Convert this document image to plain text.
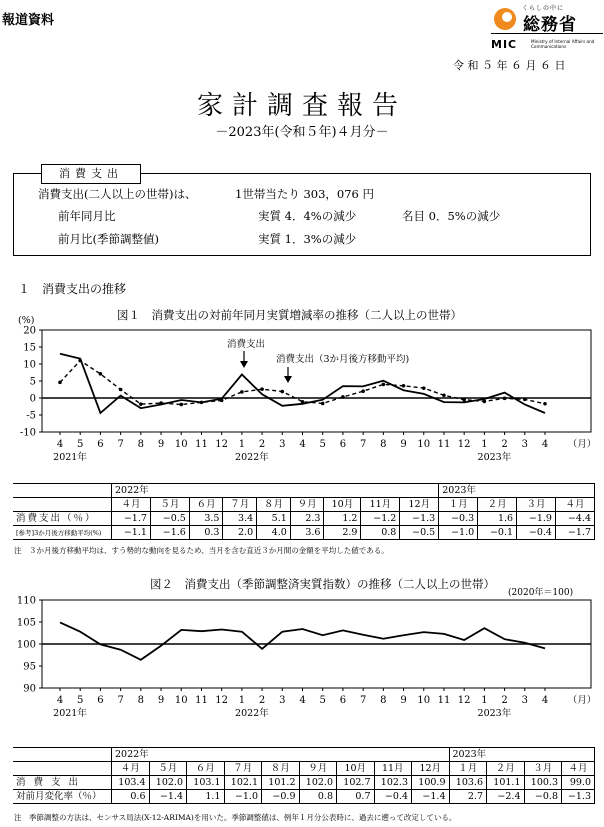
報道資料
くらしの中に
総務省
MIC	Ministry of Internal Affairs and Communications
令和５年６月６日
家計調査報告
－2023年(令和５年)４月分－
消費支出
消費支出(二人以上の世帯)は、	1世帯当たり 303，076 円
前年同月比	実質 4．4%の減少	名目 0．5%の減少
前月比(季節調整値)	実質 1．3%の減少
１　消費支出の推移
図１　消費支出の対前年同月実質増減率の推移（二人以上の世帯）
-10
-5
0
5
10
15
20
4 5 6 7 8 9 10 11 12 1 2 3 4 5 6 7 8 9 10 11 12 1 2 3 4 （月）
2021年	2022年	2023年
(%)
消費支出
消費支出（3か月後方移動平均)
	2022年									2023年			
	４月	５月	６月	７月	８月	９月	10月	11月	12月	１月	２月	３月	４月
消費支出（％）	−1.7	−0.5	3.5	3.4	5.1	2.3	1.2	−1.2	−1.3	−0.3	1.6	−1.9	−4.4
[参考]3か月後方移動平均(%)	−1.1	−1.6	0.3	2.0	4.0	3.6	2.9	0.8	−0.5	−1.0	−0.1	−0.4	−1.7
注　３か月後方移動平均は、すう勢的な動向を見るため、当月を含む直近３か月間の金額を平均した値である。
図２　消費支出（季節調整済実質指数）の推移（二人以上の世帯）
(2020年＝100)
90
95
100
105
110
4 5 6 7 8 9 10 11 12 1 2 3 4 5 6 7 8 9 10 11 12 1 2 3 4 （月）
2021年	2022年	2023年
	2022年									2023年			
	４月	５月	６月	７月	８月	９月	10月	11月	12月	１月	２月	３月	４月
消費支出	103.4	102.0	103.1	102.1	101.2	102.0	102.7	102.3	100.9	103.6	101.1	100.3	99.0
対前月変化率（％）	0.6	−1.4	1.1	−1.0	−0.9	0.8	0.7	−0.4	−1.4	2.7	−2.4	−0.8	−1.3
注　季節調整の方法は、センサス局法(X-12-ARIMA)を用いた。季節調整値は、例年１月分公表時に、過去に遡って改定している。
